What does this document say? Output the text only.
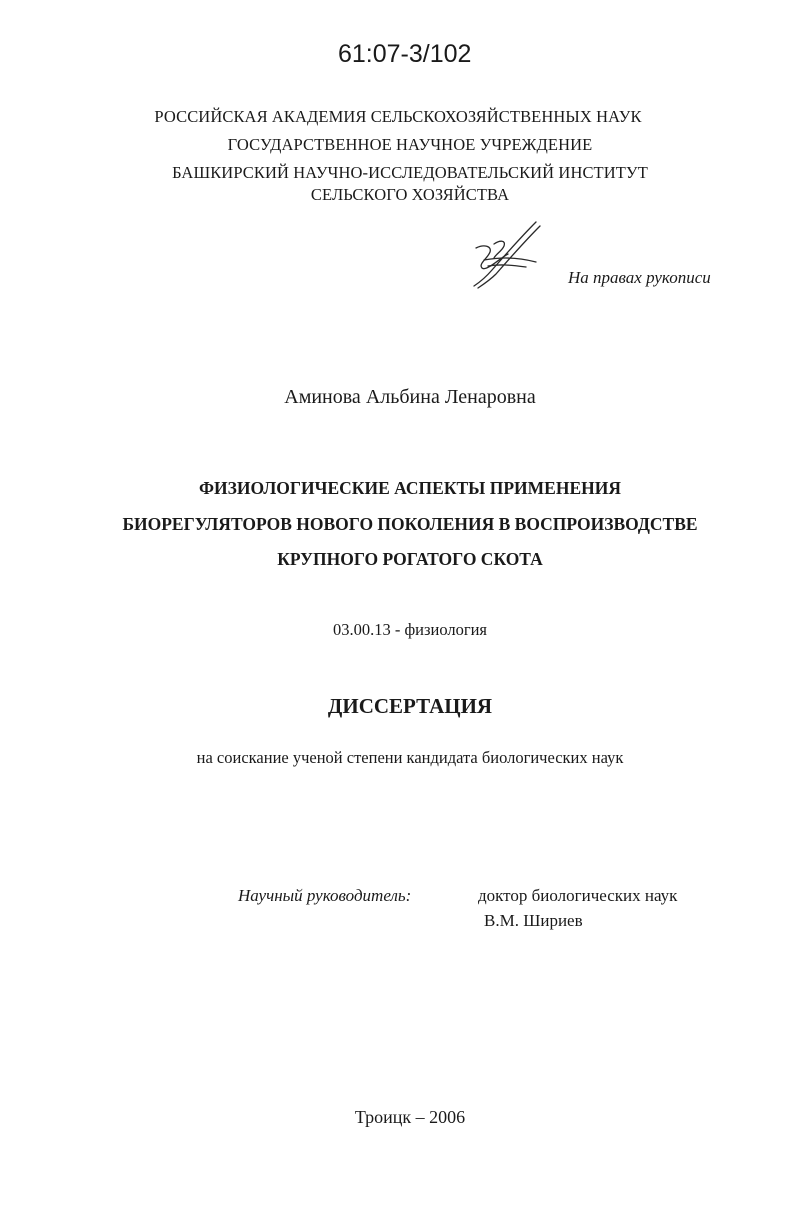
61:07-3/102
РОССИЙСКАЯ АКАДЕМИЯ СЕЛЬСКОХОЗЯЙСТВЕННЫХ НАУК
ГОСУДАРСТВЕННОЕ НАУЧНОЕ УЧРЕЖДЕНИЕ
БАШКИРСКИЙ НАУЧНО-ИССЛЕДОВАТЕЛЬСКИЙ ИНСТИТУТ
СЕЛЬСКОГО ХОЗЯЙСТВА
На правах рукописи
Аминова Альбина Ленаровна
ФИЗИОЛОГИЧЕСКИЕ АСПЕКТЫ ПРИМЕНЕНИЯ
БИОРЕГУЛЯТОРОВ НОВОГО ПОКОЛЕНИЯ В ВОСПРОИЗВОДСТВЕ
КРУПНОГО РОГАТОГО СКОТА
03.00.13 - физиология
ДИССЕРТАЦИЯ
на соискание ученой степени кандидата биологических наук
Научный руководитель:	доктор биологических наук
В.М. Шириев
Троицк – 2006
